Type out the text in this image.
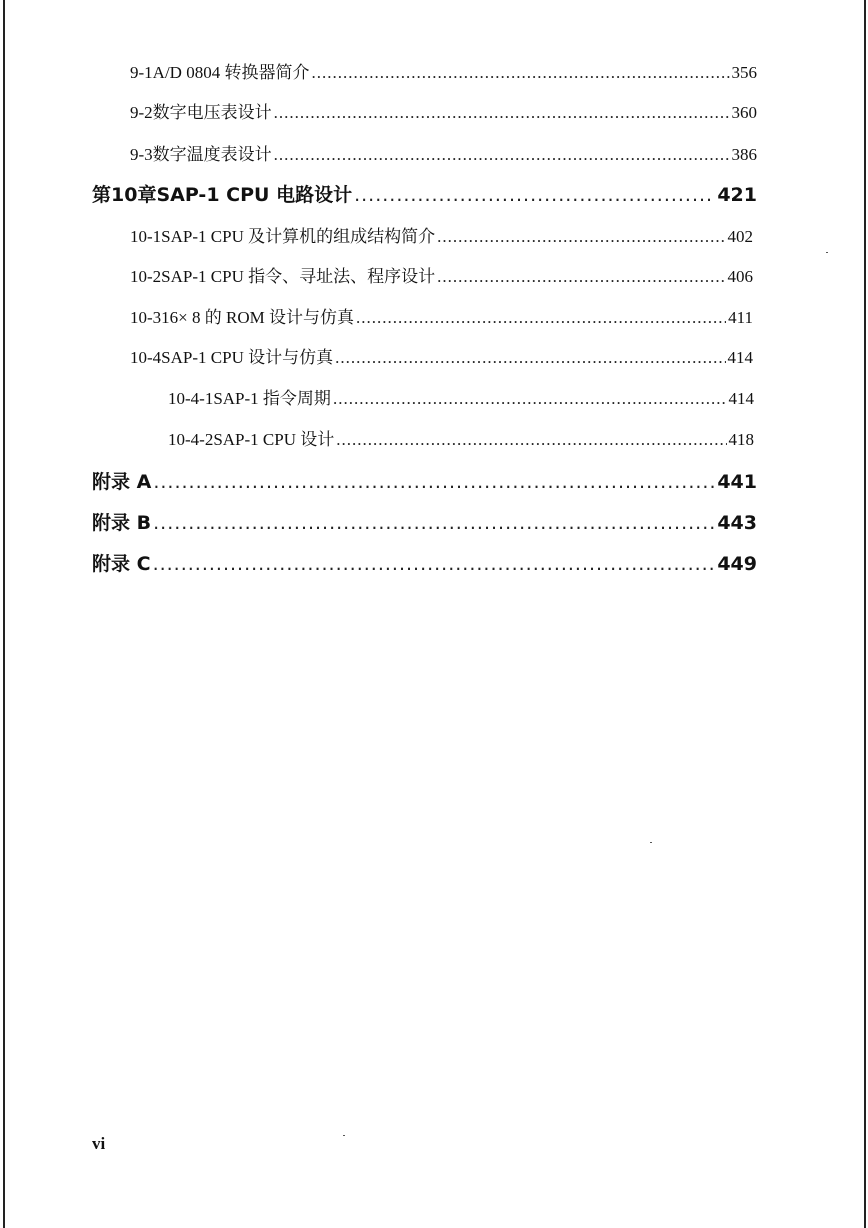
9-1 A/D 0804 转换器简介 .....	356
9-2 数字电压表设计 .....	360
9-3 数字温度表设计 .....	386
第10章 SAP-1 CPU 电路设计 .....	421
10-1 SAP-1 CPU 及计算机的组成结构简介 .....	402
10-2 SAP-1 CPU 指令、寻址法、程序设计 .....	406
10-3 16× 8 的 ROM 设计与仿真 .....	411
10-4 SAP-1 CPU 设计与仿真 .....	414
10-4-1 SAP-1 指令周期 .....	414
10-4-2 SAP-1 CPU 设计 .....	418
附录 A .....	441
附录 B .....	443
附录 C .....	449
vi
